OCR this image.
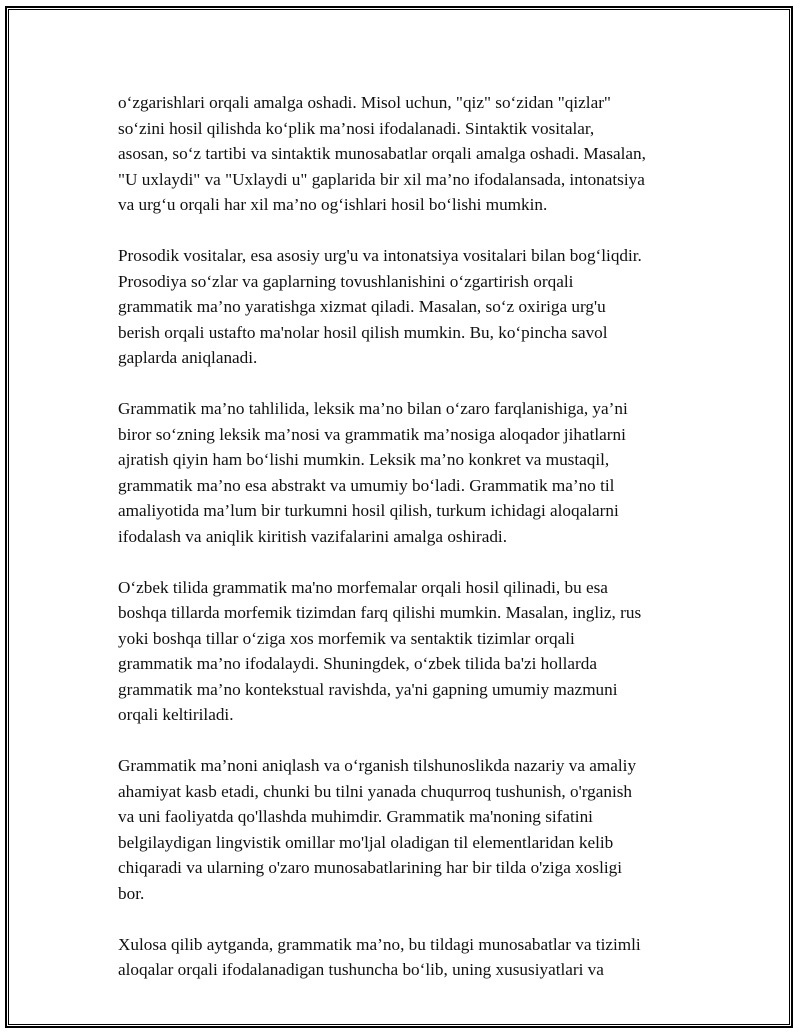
o‘zgarishlari orqali amalga oshadi. Misol uchun, "qiz" so‘zidan "qizlar"
so‘zini hosil qilishda ko‘plik ma’nosi ifodalanadi. Sintaktik vositalar,
asosan, so‘z tartibi va sintaktik munosabatlar orqali amalga oshadi. Masalan,
"U uxlaydi" va "Uxlaydi u" gaplarida bir xil ma’no ifodalansada, intonatsiya
va urg‘u orqali har xil ma’no og‘ishlari hosil bo‘lishi mumkin.

Prosodik vositalar, esa asosiy urg'u va intonatsiya vositalari bilan bog‘liqdir.
Prosodiya so‘zlar va gaplarning tovushlanishini o‘zgartirish orqali
grammatik ma’no yaratishga xizmat qiladi. Masalan, so‘z oxiriga urg'u
berish orqali ustafto ma'nolar hosil qilish mumkin. Bu, ko‘pincha savol
gaplarda aniqlanadi.

Grammatik ma’no tahlilida, leksik ma’no bilan o‘zaro farqlanishiga, ya’ni
biror so‘zning leksik ma’nosi va grammatik ma’nosiga aloqador jihatlarni
ajratish qiyin ham bo‘lishi mumkin. Leksik ma’no konkret va mustaqil,
grammatik ma’no esa abstrakt va umumiy bo‘ladi. Grammatik ma’no til
amaliyotida ma’lum bir turkumni hosil qilish, turkum ichidagi aloqalarni
ifodalash va aniqlik kiritish vazifalarini amalga oshiradi.

O‘zbek tilida grammatik ma'no morfemalar orqali hosil qilinadi, bu esa
boshqa tillarda morfemik tizimdan farq qilishi mumkin. Masalan, ingliz, rus
yoki boshqa tillar o‘ziga xos morfemik va sentaktik tizimlar orqali
grammatik ma’no ifodalaydi. Shuningdek, o‘zbek tilida ba'zi hollarda
grammatik ma’no kontekstual ravishda, ya'ni gapning umumiy mazmuni
orqali keltiriladi.

Grammatik ma’noni aniqlash va o‘rganish tilshunoslikda nazariy va amaliy
ahamiyat kasb etadi, chunki bu tilni yanada chuqurroq tushunish, o'rganish
va uni faoliyatda qo'llashda muhimdir. Grammatik ma'noning sifatini
belgilaydigan lingvistik omillar mo'ljal oladigan til elementlaridan kelib
chiqaradi va ularning o'zaro munosabatlarining har bir tilda o'ziga xosligi
bor.

Xulosa qilib aytganda, grammatik ma’no, bu tildagi munosabatlar va tizimli
aloqalar orqali ifodalanadigan tushuncha bo‘lib, uning xususiyatlari va
